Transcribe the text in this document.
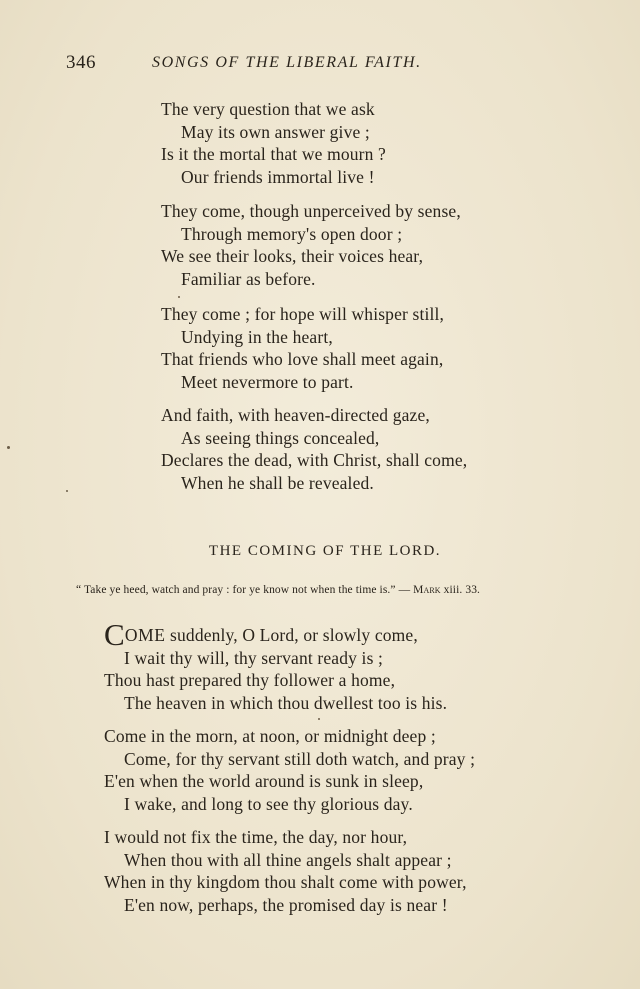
346	SONGS OF THE LIBERAL FAITH.
The very question that we ask
May its own answer give ;
Is it the mortal that we mourn ?
Our friends immortal live !
They come, though unperceived by sense,
Through memory's open door ;
We see their looks, their voices hear,
Familiar as before.
They come ; for hope will whisper still,
Undying in the heart,
That friends who love shall meet again,
Meet nevermore to part.
And faith, with heaven-directed gaze,
As seeing things concealed,
Declares the dead, with Christ, shall come,
When he shall be revealed.
THE COMING OF THE LORD.
“ Take ye heed, watch and pray : for ye know not when the time is.” — Mark xiii. 33.
COME suddenly, O Lord, or slowly come,
I wait thy will, thy servant ready is ;
Thou hast prepared thy follower a home,
The heaven in which thou dwellest too is his.
Come in the morn, at noon, or midnight deep ;
Come, for thy servant still doth watch, and pray ;
E'en when the world around is sunk in sleep,
I wake, and long to see thy glorious day.
I would not fix the time, the day, nor hour,
When thou with all thine angels shalt appear ;
When in thy kingdom thou shalt come with power,
E'en now, perhaps, the promised day is near !
